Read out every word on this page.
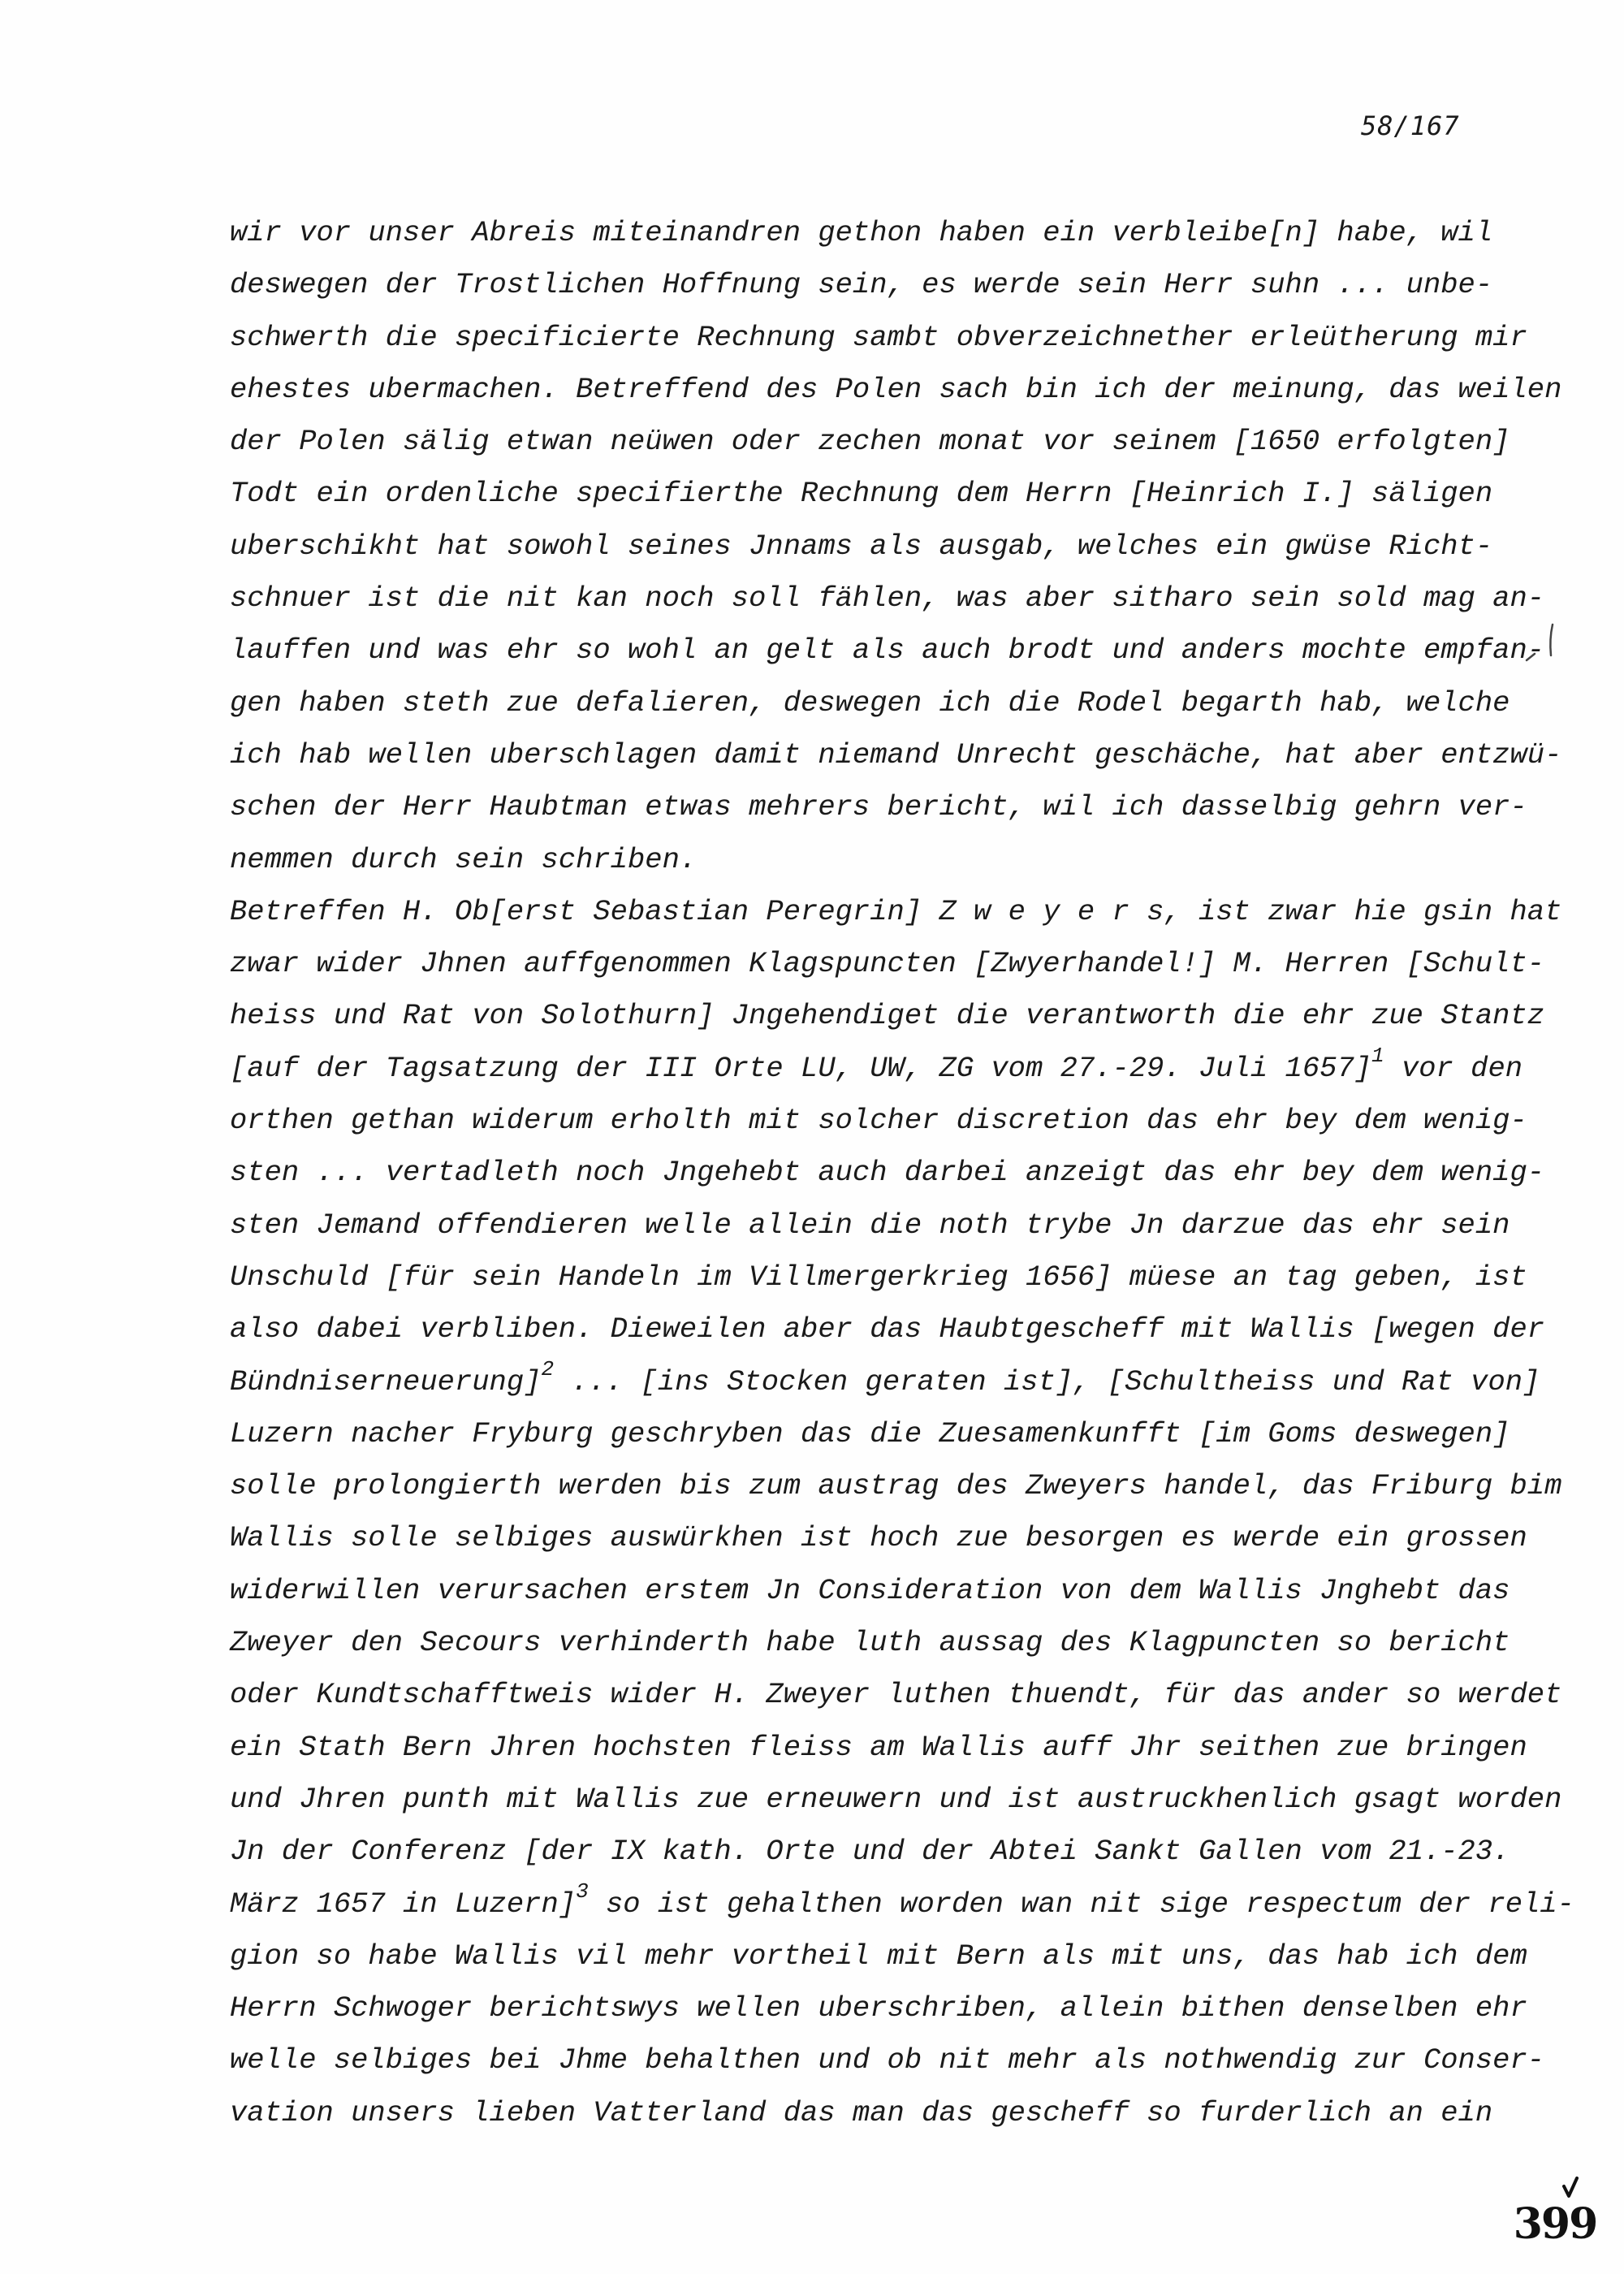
58/167
wir vor unser Abreis miteinandren gethon haben ein verbleibe[n] habe, wil
deswegen der Trostlichen Hoffnung sein, es werde sein Herr suhn ... unbe-
schwerth die specificierte Rechnung sambt obverzeichnether erleütherung mir
ehestes ubermachen. Betreffend des Polen sach bin ich der meinung, das weilen
der Polen sälig etwan neüwen oder zechen monat vor seinem [1650 erfolgten]
Todt ein ordenliche specifierthe Rechnung dem Herrn [Heinrich I.] säligen
uberschikht hat sowohl seines Jnnams als ausgab, welches ein gwüse Richt-
schnuer ist die nit kan noch soll fählen, was aber sitharo sein sold mag an-
lauffen und was ehr so wohl an gelt als auch brodt und anders mochte empfan-
gen haben steth zue defalieren, deswegen ich die Rodel begarth hab, welche
ich hab wellen uberschlagen damit niemand Unrecht geschäche, hat aber entzwü-
schen der Herr Haubtman etwas mehrers bericht, wil ich dasselbig gehrn ver-
nemmen durch sein schriben.
Betreffen H. Ob[erst Sebastian Peregrin] Z w e y e r s, ist zwar hie gsin hat
zwar wider Jhnen auffgenommen Klagspuncten [Zwyerhandel!] M. Herren [Schult-
heiss und Rat von Solothurn] Jngehendiget die verantworth die ehr zue Stantz
[auf der Tagsatzung der III Orte LU, UW, ZG vom 27.-29. Juli 1657]$^1$ vor den
orthen gethan widerum erholth mit solcher discretion das ehr bey dem wenig-
sten ... vertadleth noch Jngehebt auch darbei anzeigt das ehr bey dem wenig-
sten Jemand offendieren welle allein die noth trybe Jn darzue das ehr sein
Unschuld [für sein Handeln im Villmergerkrieg 1656] müese an tag geben, ist
also dabei verbliben. Dieweilen aber das Haubtgescheff mit Wallis [wegen der
Bündniserneuerung]$^2$ ... [ins Stocken geraten ist], [Schultheiss und Rat von]
Luzern nacher Fryburg geschryben das die Zuesamenkunfft [im Goms deswegen]
solle prolongierth werden bis zum austrag des Zweyers handel, das Friburg bim
Wallis solle selbiges auswürkhen ist hoch zue besorgen es werde ein grossen
widerwillen verursachen erstem Jn Consideration von dem Wallis Jnghebt das
Zweyer den Secours verhinderth habe luth aussag des Klagpuncten so bericht
oder Kundtschafftweis wider H. Zweyer luthen thuendt, für das ander so werdet
ein Stath Bern Jhren hochsten fleiss am Wallis auff Jhr seithen zue bringen
und Jhren punth mit Wallis zue erneuwern und ist austruckhenlich gsagt worden
Jn der Conferenz [der IX kath. Orte und der Abtei Sankt Gallen vom 21.-23.
März 1657 in Luzern]$^3$ so ist gehalthen worden wan nit sige respectum der reli-
gion so habe Wallis vil mehr vortheil mit Bern als mit uns, das hab ich dem
Herrn Schwoger berichtswys wellen uberschriben, allein bithen denselben ehr
welle selbiges bei Jhme behalthen und ob nit mehr als nothwendig zur Conser-
vation unsers lieben Vatterland das man das gescheff so furderlich an ein
399
